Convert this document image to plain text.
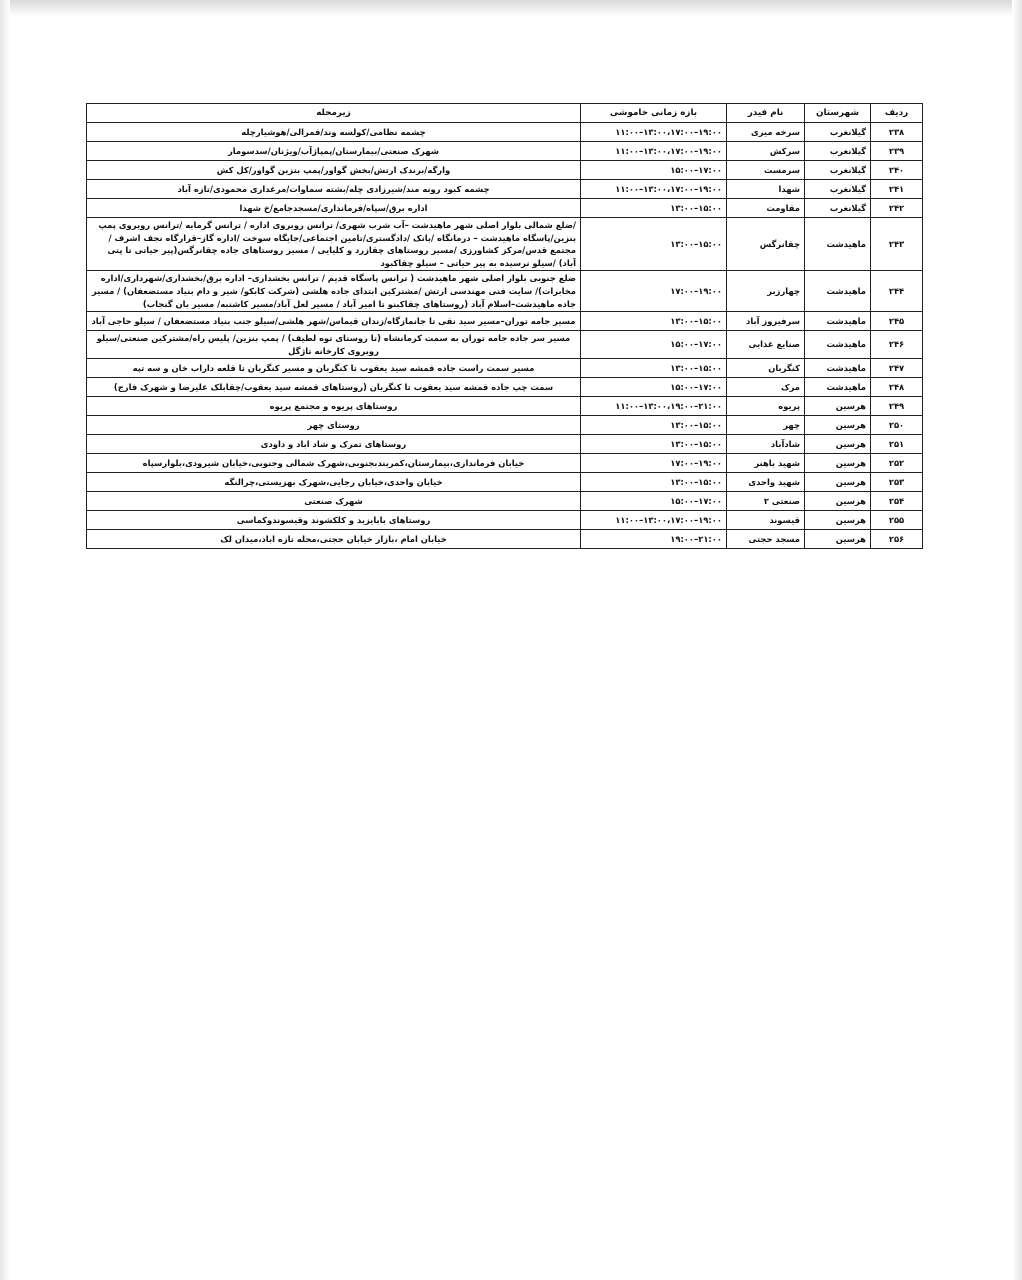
ردیف	شهرستان	نام فیدر	بازه زمانی خاموشی	زیرمحله
۲۳۸	گیلانغرب	سرخه میری	۱۱:۰۰–۱۳:۰۰،۱۷:۰۰–۱۹:۰۰	چشمه نظامی/کولسه وند/قمرالی/هوشیارچله
۲۳۹	گیلانغرب	سرکش	۱۱:۰۰–۱۳:۰۰،۱۷:۰۰–۱۹:۰۰	شهرک صنعتی/بیمارستان/پمپاژآب/ویژنان/سدسومار
۲۴۰	گیلانغرب	سرمست	۱۵:۰۰–۱۷:۰۰	وارگه/برندک ارتش/بخش گواور/پمپ بنزین گواور/کل کش
۲۴۱	گیلانغرب	شهدا	۱۱:۰۰–۱۳:۰۰،۱۷:۰۰–۱۹:۰۰	چشمه کبود رونه مند/شیرزادی چله/بشته سماوات/مرغداری محمودی/تازه آباد
۲۴۲	گیلانغرب	مقاومت	۱۳:۰۰–۱۵:۰۰	اداره برق/سپاه/فرمانداری/مسجدجامع/خ شهدا
۲۴۳	ماهیدشت	چقانرگس	۱۳:۰۰–۱۵:۰۰	/ضلع شمالی بلوار اصلی شهر ماهیدشت –آب شرب شهری/ ترانس روبروی اداره / ترانس گرمابه /ترانس روبروی پمپ بنزین/پاسگاه ماهیدشت – درمانگاه /بانک /دادگستری/تامین اجتماعی/جایگاه سوخت /اداره گاز–قرارگاه نجف اشرف /مجتمع قدس/مرکز کشاورزی /مسیر روستاهای چقازرد و کلیایی / مسیر روستاهای جاده چقانرگس(پیر حیاتی تا پتی آباد) /سیلو نرسیده به پیر حیاتی – سیلو چقاکبود
۲۴۴	ماهیدشت	چهارزبر	۱۷:۰۰–۱۹:۰۰	ضلع جنوبی بلوار اصلی شهر ماهیدشت ( ترانس پاسگاه قدیم / ترانس بخشداری– اداره برق/بخشداری/شهرداری/اداره مخابرات)/ سایت فنی مهندسی ارتش /مشترکین ابتدای جاده هلشی (شرکت کابکو/ شیر و دام بنیاد مستضعفان) / مسیر جاده ماهیدشت–اسلام آباد (روستاهای چقاکبنو تا امیر آباد / مسیر لعل آباد/مسیر کاشنبه/ مسیر بان گنجاب)
۲۴۵	ماهیدشت	سرفیروز آباد	۱۳:۰۰–۱۵:۰۰	مسیر جامه توران–مسیر سید نقی تا جانمازگاه/زندان قیماس/شهر هلشی/سیلو جنب بنیاد مستضعفان / سیلو حاجی آباد
۲۴۶	ماهیدشت	صنایع غذایی	۱۵:۰۰–۱۷:۰۰	مسیر سر جاده جامه توران به سمت کرمانشاه (تا روستای توه لطیف) / پمپ بنزین/ پلیس راه/مشترکین صنعتی/سیلو روبروی کارخانه تاژگل
۲۴۷	ماهیدشت	کنگربان	۱۳:۰۰–۱۵:۰۰	مسیر سمت راست جاده قمشه سید یعقوب تا کنگربان و مسیر کنگربان تا قلعه داراب خان و سه تپه
۲۴۸	ماهیدشت	مرک	۱۵:۰۰–۱۷:۰۰	سمت چپ جاده قمشه سید یعقوب تا کنگربان (روستاهای قمشه سید یعقوب/چقابلک علیرضا و شهرک فارج)
۲۴۹	هرسین	پریوه	۱۱:۰۰–۱۳:۰۰،۱۹:۰۰–۲۱:۰۰	روستاهای پریوه و مجتمع پریوه
۲۵۰	هرسین	چهر	۱۳:۰۰–۱۵:۰۰	روستای چهر
۲۵۱	هرسین	شادآباد	۱۳:۰۰–۱۵:۰۰	روستاهای تمرک و شاد اباد و داودی
۲۵۲	هرسین	شهید باهنر	۱۷:۰۰–۱۹:۰۰	خیابان فرمانداری،بیمارستان،کمربندبجنوبی،شهرک شمالی وجنوبی،خیابان شیرودی،بلوارسپاه
۲۵۳	هرسین	شهید واحدی	۱۳:۰۰–۱۵:۰۰	خیابان واحدی،خیابان رجایی،شهرک بهزیستی،چرالنگه
۲۵۴	هرسین	صنعتی ۲	۱۵:۰۰–۱۷:۰۰	شهرک صنعتی
۲۵۵	هرسین	قیسوند	۱۱:۰۰–۱۳:۰۰،۱۷:۰۰–۱۹:۰۰	روستاهای بابایزید و کلکشوند وقیسوندوکماسی
۲۵۶	هرسین	مسجد حجتی	۱۹:۰۰–۲۱:۰۰	خیابان امام ،بازار خیابان حجتی،محله تازه اباد،میدان لک
